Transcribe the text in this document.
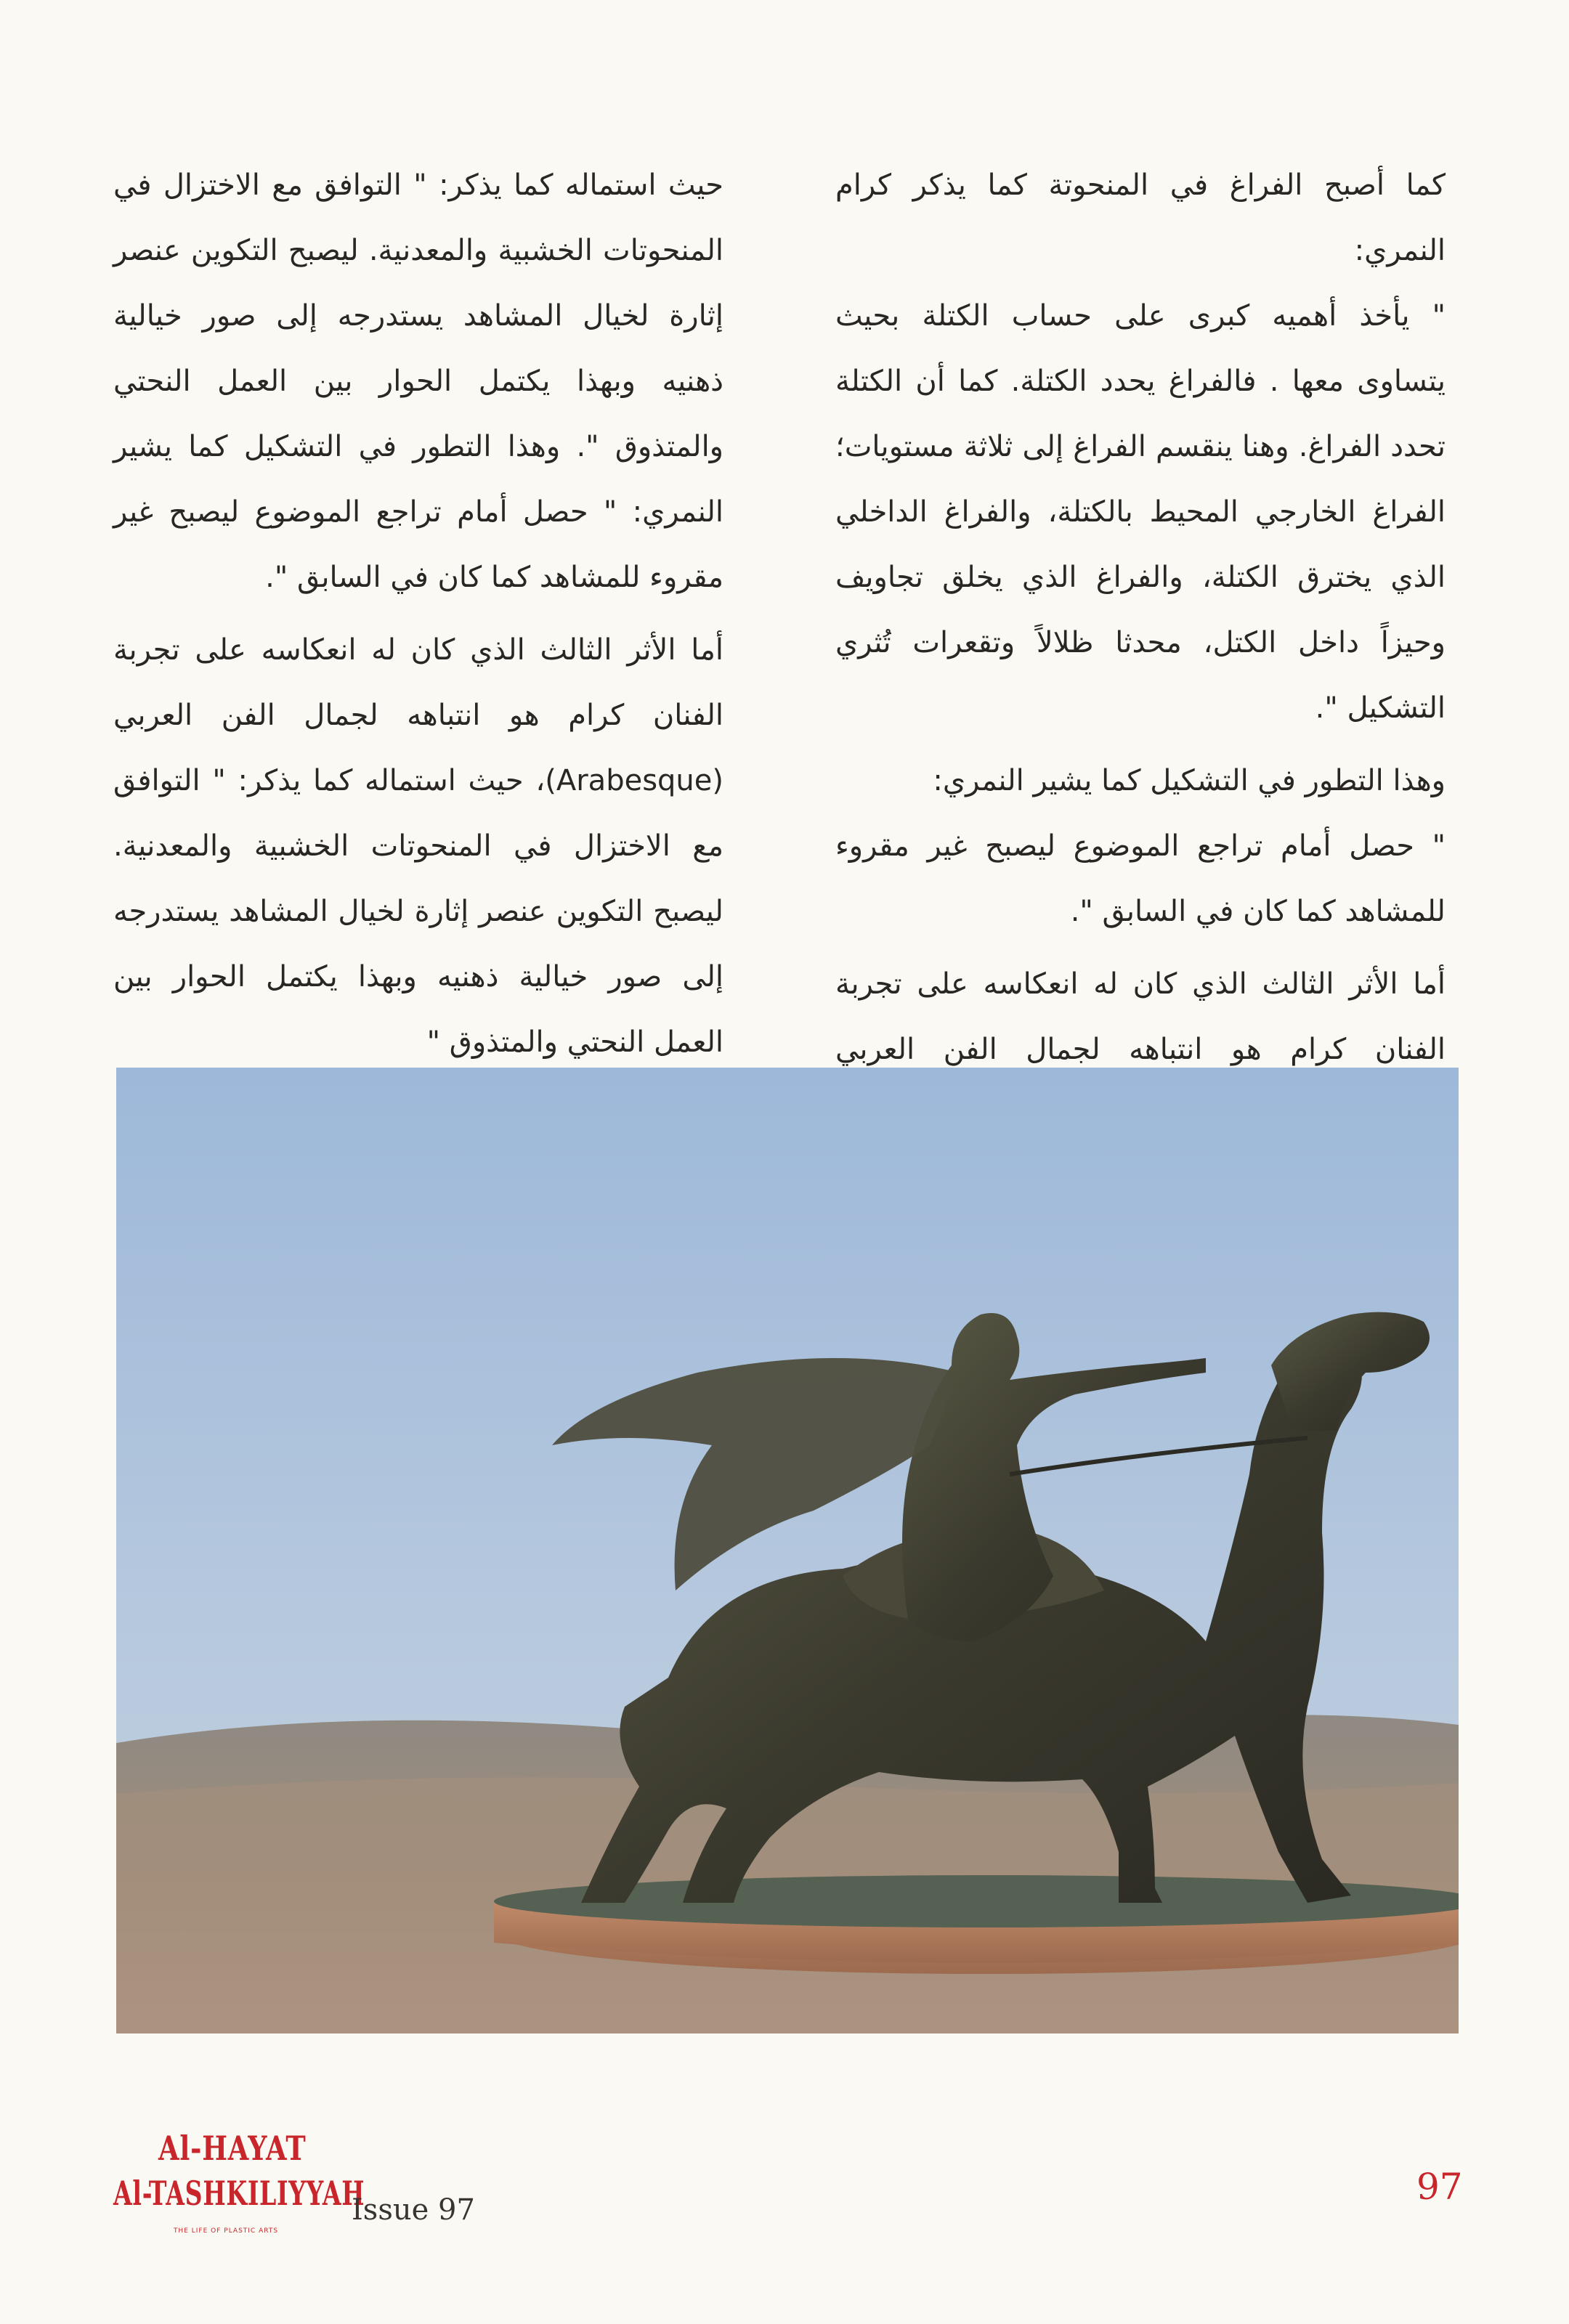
كما أصبح الفراغ في المنحوتة كما يذكر كرام النمري:

" يأخذ أهميه كبرى على حساب الكتلة بحيث يتساوى معها . فالفراغ يحدد الكتلة. كما أن الكتلة تحدد الفراغ. وهنا ينقسم الفراغ إلى ثلاثة مستويات؛ الفراغ الخارجي المحيط بالكتلة، والفراغ الداخلي الذي يخترق الكتلة، والفراغ الذي يخلق تجاويف وحيزاً داخل الكتل، محدثا ظلالاً وتقعرات تُثري التشكيل ".

وهذا التطور في التشكيل كما يشير النمري:

" حصل أمام تراجع الموضوع ليصبح غير مقروء للمشاهد كما كان في السابق ".

أما الأثر الثالث الذي كان له انعكاسه على تجربة الفنان كرام هو انتباهه لجمال الفن العربي

حيث استماله كما يذكر: " التوافق مع الاختزال في المنحوتات الخشبية والمعدنية. ليصبح التكوين عنصر إثارة لخيال المشاهد يستدرجه إلى صور خيالية ذهنيه وبهذا يكتمل الحوار بين العمل النحتي والمتذوق ". وهذا التطور في التشكيل كما يشير النمري: " حصل أمام تراجع الموضوع ليصبح غير مقروء للمشاهد كما كان في السابق ".

أما الأثر الثالث الذي كان له انعكاسه على تجربة الفنان كرام هو انتباهه لجمال الفن العربي (Arabesque)، حيث استماله كما يذكر: " التوافق مع الاختزال في المنحوتات الخشبية والمعدنية. ليصبح التكوين عنصر إثارة لخيال المشاهد يستدرجه إلى صور خيالية ذهنيه وبهذا يكتمل الحوار بين العمل النحتي والمتذوق "

Al-HAYAT
Al-TASHKILIYYAH
THE LIFE OF PLASTIC ARTS
Issue 97
97
